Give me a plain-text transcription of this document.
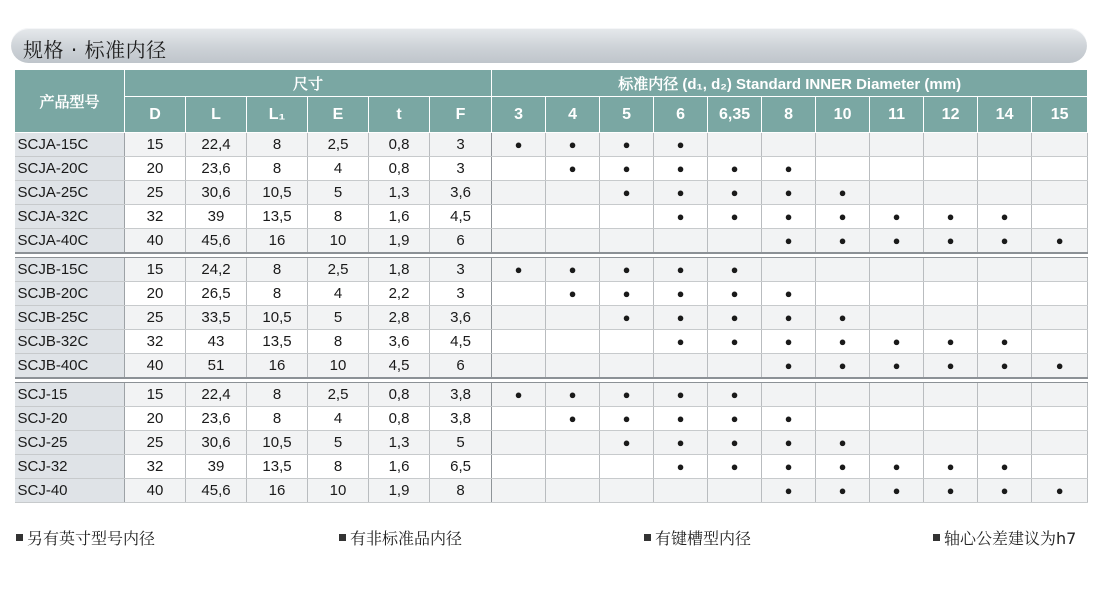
规格 · 标准内径
产品型号	尺寸						标准内径 (d₁, d₂) Standard INNER Diameter (mm)										
	D	L	L₁	E	t	F	3	4	5	6	6,35	8	10	11	12	14	15
SCJA-15C	15	22,4	8	2,5	0,8	3	●	●	●	●							
SCJA-20C	20	23,6	8	4	0,8	3		●	●	●	●	●					
SCJA-25C	25	30,6	10,5	5	1,3	3,6			●	●	●	●	●				
SCJA-32C	32	39	13,5	8	1,6	4,5				●	●	●	●	●	●	●	
SCJA-40C	40	45,6	16	10	1,9	6						●	●	●	●	●	●

SCJB-15C	15	24,2	8	2,5	1,8	3	●	●	●	●	●						
SCJB-20C	20	26,5	8	4	2,2	3		●	●	●	●	●					
SCJB-25C	25	33,5	10,5	5	2,8	3,6			●	●	●	●	●				
SCJB-32C	32	43	13,5	8	3,6	4,5				●	●	●	●	●	●	●	
SCJB-40C	40	51	16	10	4,5	6						●	●	●	●	●	●

SCJ-15	15	22,4	8	2,5	0,8	3,8	●	●	●	●	●						
SCJ-20	20	23,6	8	4	0,8	3,8		●	●	●	●	●					
SCJ-25	25	30,6	10,5	5	1,3	5			●	●	●	●	●				
SCJ-32	32	39	13,5	8	1,6	6,5				●	●	●	●	●	●	●	
SCJ-40	40	45,6	16	10	1,9	8						●	●	●	●	●	●
另有英寸型号内径	有非标准品内径	有键槽型内径	轴心公差建议为h7
